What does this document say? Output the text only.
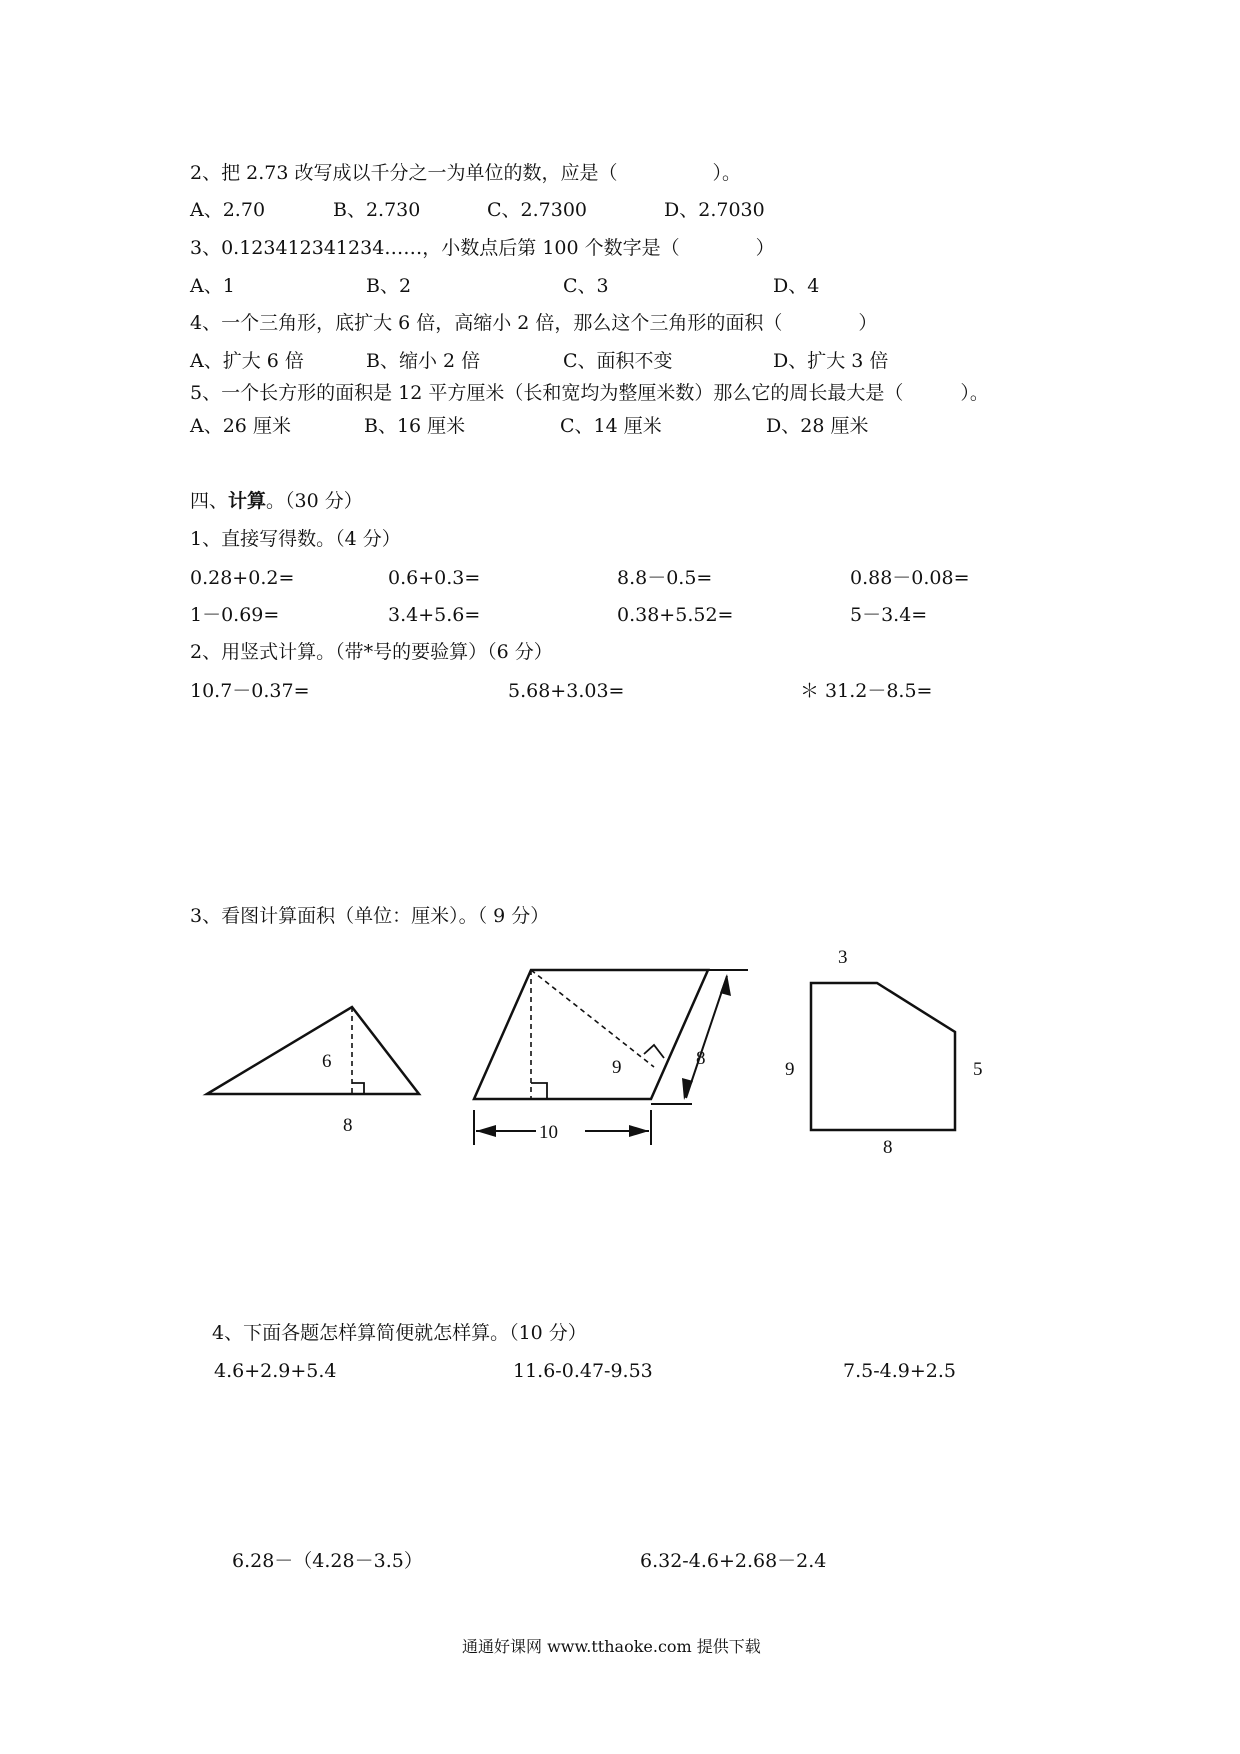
2、把 2.73 改写成以千分之一为单位的数，应是（　　　　　）。
A、2.70	B、2.730	C、2.7300	D、2.7030
3、0.123412341234……，小数点后第 100 个数字是（　　　　）
A、1	B、2	C、3	D、4
4、一个三角形，底扩大 6 倍，高缩小 2 倍，那么这个三角形的面积（　　　　）
A、扩大 6 倍	B、缩小 2 倍	C、面积不变	D、扩大 3 倍
5、一个长方形的面积是 12 平方厘米（长和宽均为整厘米数）那么它的周长最大是（　　　）。
A、26 厘米	B、16 厘米	C、14 厘米	D、28 厘米
四、计算。（30 分）
1、直接写得数。（4 分）
0.28+0.2=	0.6+0.3=	8.8－0.5=	0.88－0.08=
1－0.69=	3.4+5.6=	0.38+5.52=	5－3.4=
2、用竖式计算。（带*号的要验算）（6 分）
10.7－0.37=	5.68+3.03=	＊ 31.2－8.5=
3、看图计算面积（单位：厘米）。（ 9 分）
6
8
9	8
10
3
9	5
8
4、下面各题怎样算简便就怎样算。（10 分）
4.6+2.9+5.4	11.6-0.47-9.53	7.5-4.9+2.5
6.28－（4.28－3.5）	6.32-4.6+2.68－2.4
通通好课网 www.tthaoke.com 提供下载
